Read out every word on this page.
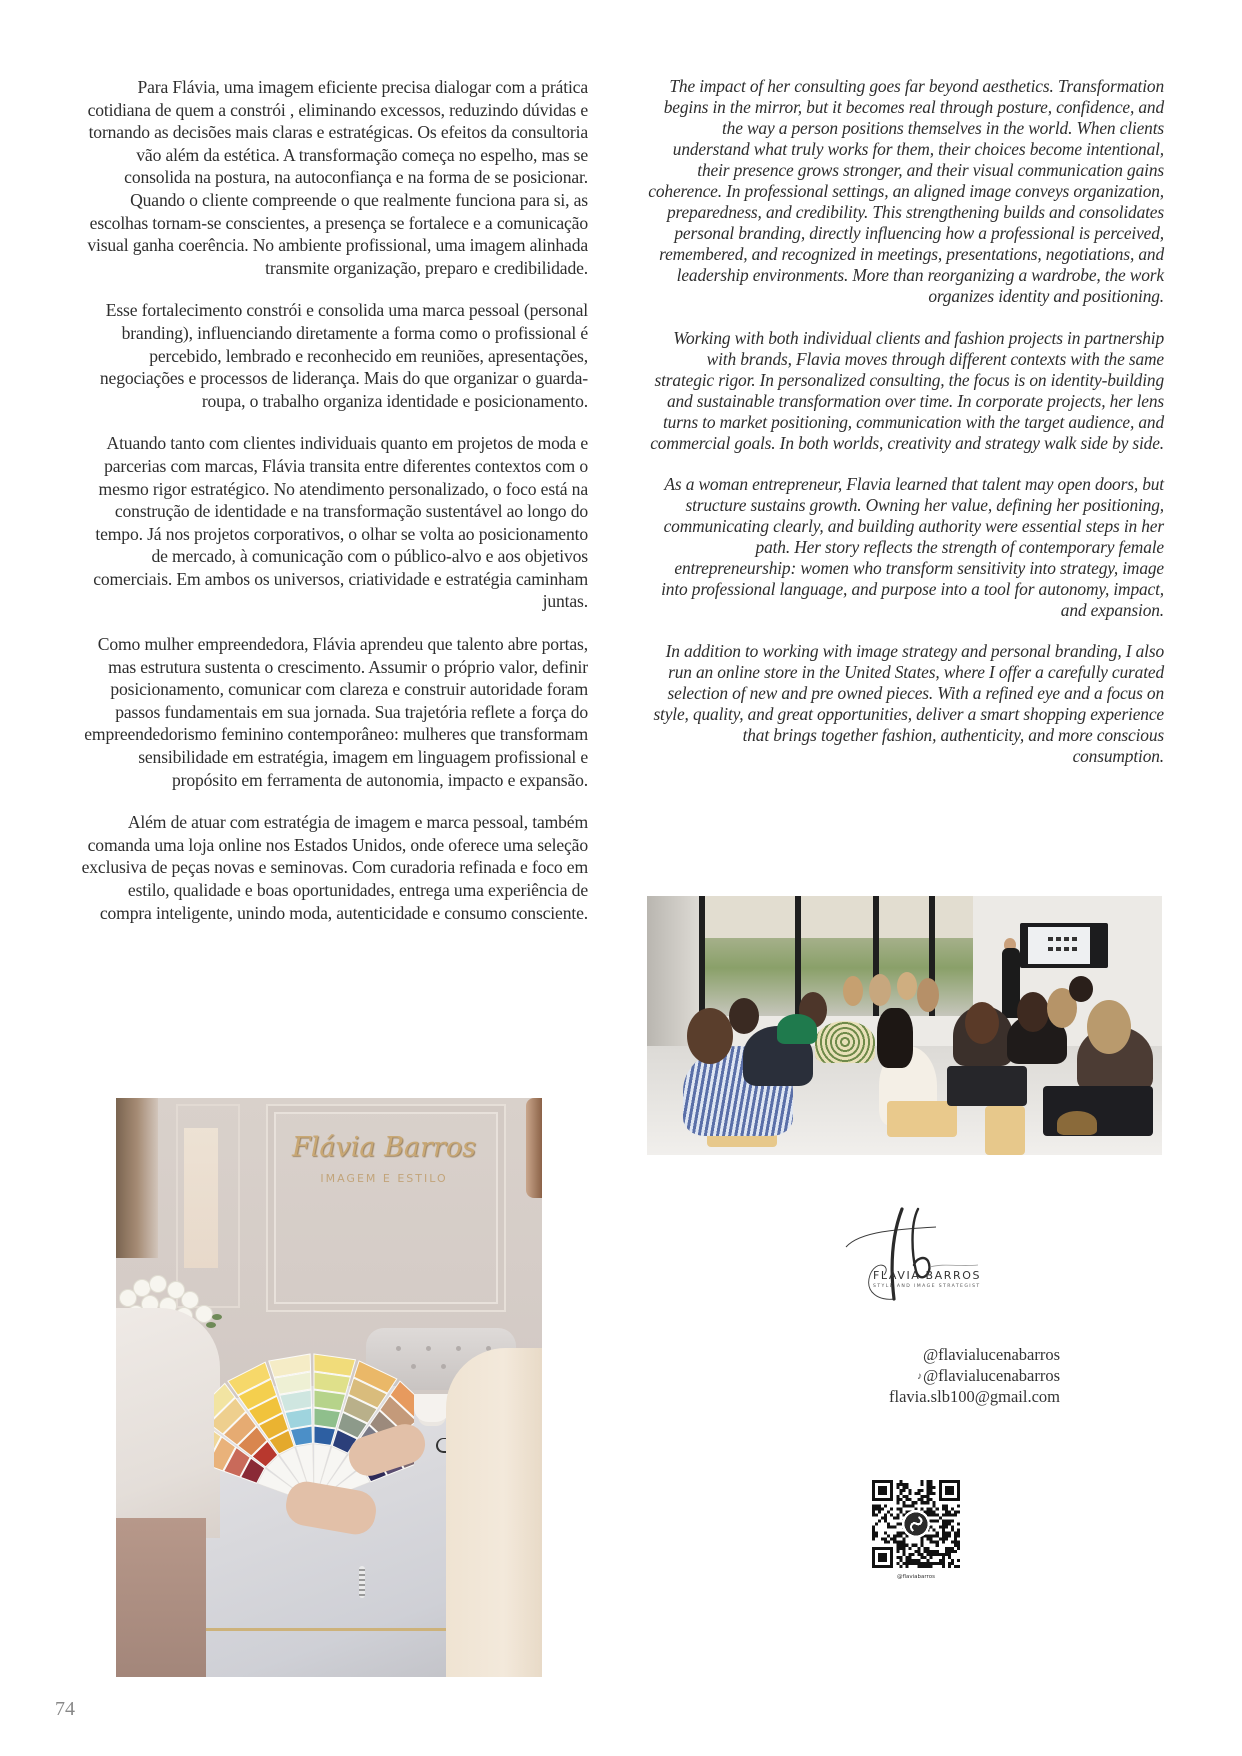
Para Flávia, uma imagem eficiente precisa dialogar com a prática cotidiana de quem a constrói , eliminando excessos, reduzindo dúvidas e tornando as decisões mais claras e estratégicas. Os efeitos da consultoria vão além da estética. A transformação começa no espelho, mas se consolida na postura, na autoconfiança e na forma de se posicionar. Quando o cliente compreende o que realmente funciona para si, as escolhas tornam-se conscientes, a presença se fortalece e a comunicação visual ganha coerência. No ambiente profissional, uma imagem alinhada transmite organização, preparo e credibilidade.

Esse fortalecimento constrói e consolida uma marca pessoal (personal branding), influenciando diretamente a forma como o profissional é percebido, lembrado e reconhecido em reuniões, apresentações, negociações e processos de liderança. Mais do que organizar o guarda-roupa, o trabalho organiza identidade e posicionamento.

Atuando tanto com clientes individuais quanto em projetos de moda e parcerias com marcas, Flávia transita entre diferentes contextos com o mesmo rigor estratégico. No atendimento personalizado, o foco está na construção de identidade e na transformação sustentável ao longo do tempo. Já nos projetos corporativos, o olhar se volta ao posicionamento de mercado, à comunicação com o público-alvo e aos objetivos comerciais. Em ambos os universos, criatividade e estratégia caminham juntas.

Como mulher empreendedora, Flávia aprendeu que talento abre portas, mas estrutura sustenta o crescimento. Assumir o próprio valor, definir posicionamento, comunicar com clareza e construir autoridade foram passos fundamentais em sua jornada. Sua trajetória reflete a força do empreendedorismo feminino contemporâneo: mulheres que transformam sensibilidade em estratégia, imagem em linguagem profissional e propósito em ferramenta de autonomia, impacto e expansão.

Além de atuar com estratégia de imagem e marca pessoal, também comanda uma loja online nos Estados Unidos, onde oferece uma seleção exclusiva de peças novas e seminovas. Com curadoria refinada e foco em estilo, qualidade e boas oportunidades, entrega uma experiência de compra inteligente, unindo moda, autenticidade e consumo consciente.

The impact of her consulting goes far beyond aesthetics. Transformation begins in the mirror, but it becomes real through posture, confidence, and the way a person positions themselves in the world. When clients understand what truly works for them, their choices become intentional, their presence grows stronger, and their visual communication gains coherence. In professional settings, an aligned image conveys organization, preparedness, and credibility. This strengthening builds and consolidates personal branding, directly influencing how a professional is perceived, remembered, and recognized in meetings, presentations, negotiations, and leadership environments. More than reorganizing a wardrobe, the work organizes identity and positioning.

Working with both individual clients and fashion projects in partnership with brands, Flavia moves through different contexts with the same strategic rigor. In personalized consulting, the focus is on identity-building and sustainable transformation over time. In corporate projects, her lens turns to market positioning, communication with the target audience, and commercial goals. In both worlds, creativity and strategy walk side by side.

As a woman entrepreneur, Flavia learned that talent may open doors, but structure sustains growth. Owning her value, defining her positioning, communicating clearly, and building authority were essential steps in her path. Her story reflects the strength of contemporary female entrepreneurship: women who transform sensitivity into strategy, image into professional language, and purpose into a tool for autonomy, impact, and expansion.

In addition to working with image strategy and personal branding, I also run an online store in the United States, where I offer a carefully curated selection of new and pre owned pieces. With a refined eye and a focus on style, quality, and great opportunities, deliver a smart shopping experience that brings together fashion, authenticity, and more conscious consumption.

Flávia Barros
IMAGEM E ESTILO
FLAVIA BARROS
STYLE AND IMAGE STRATEGIST
@flavialucenabarros
♪@flavialucenabarros
flavia.slb100@gmail.com
@flaviabarros
74
